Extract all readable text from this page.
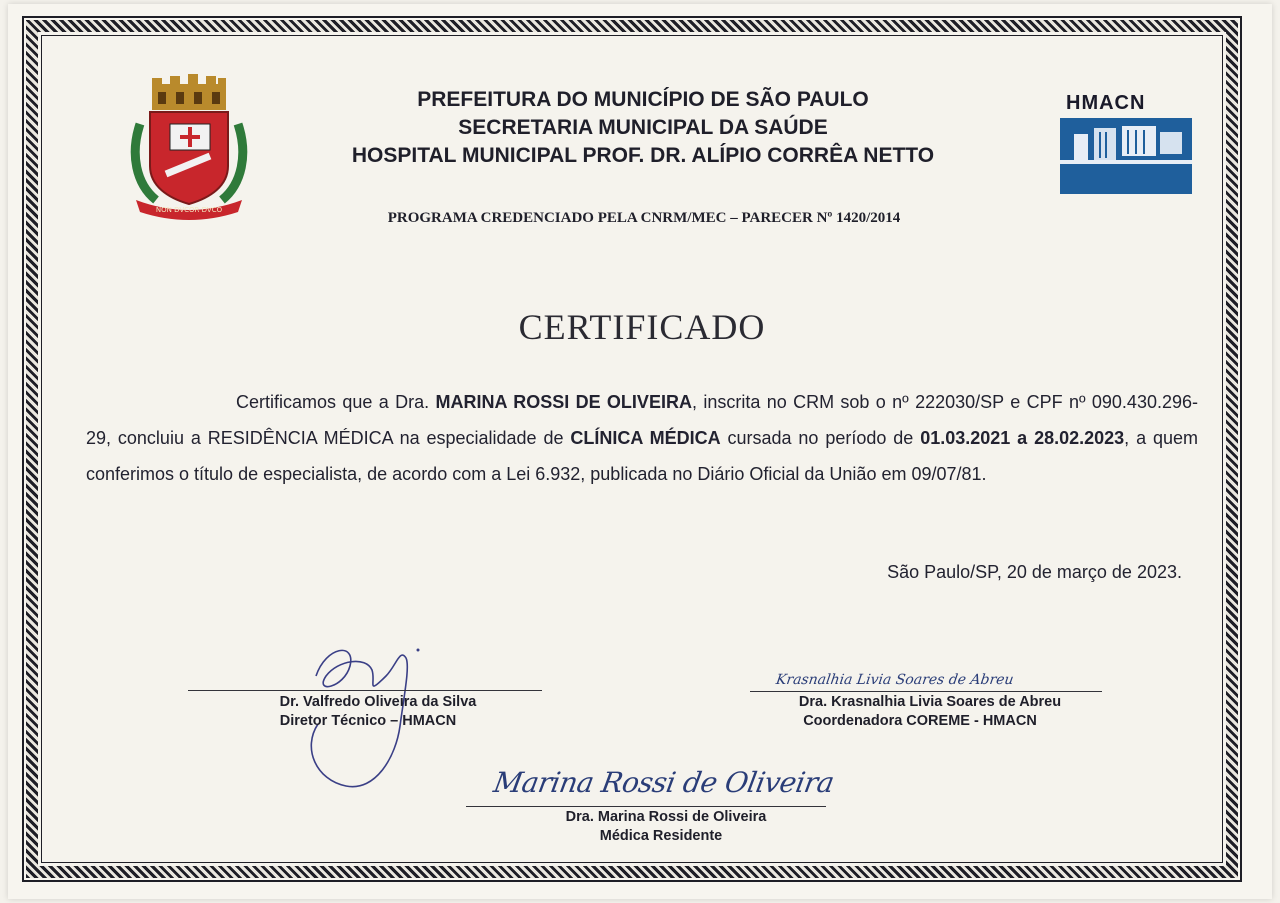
NON DVCOR DVCO
HMACN
PREFEITURA DO MUNICÍPIO DE SÃO PAULO
SECRETARIA MUNICIPAL DA SAÚDE
HOSPITAL MUNICIPAL PROF. DR. ALÍPIO CORRÊA NETTO
PROGRAMA CREDENCIADO PELA CNRM/MEC – PARECER Nº 1420/2014
CERTIFICADO
Certificamos que a Dra. MARINA ROSSI DE OLIVEIRA, inscrita no CRM sob o nº 222030/SP e CPF nº 090.430.296-29, concluiu a RESIDÊNCIA MÉDICA na especialidade de CLÍNICA MÉDICA cursada no período de 01.03.2021 a 28.02.2023, a quem conferimos o título de especialista, de acordo com a Lei 6.932, publicada no Diário Oficial da União em 09/07/81.
São Paulo/SP, 20 de março de 2023.
Dr. Valfredo Oliveira da Silva
Diretor Técnico – HMACN
Krasnalhia Livia Soares de Abreu
Dra. Krasnalhia Livia Soares de Abreu
Coordenadora COREME - HMACN
Marina Rossi de Oliveira
Dra. Marina Rossi de Oliveira
Médica Residente
